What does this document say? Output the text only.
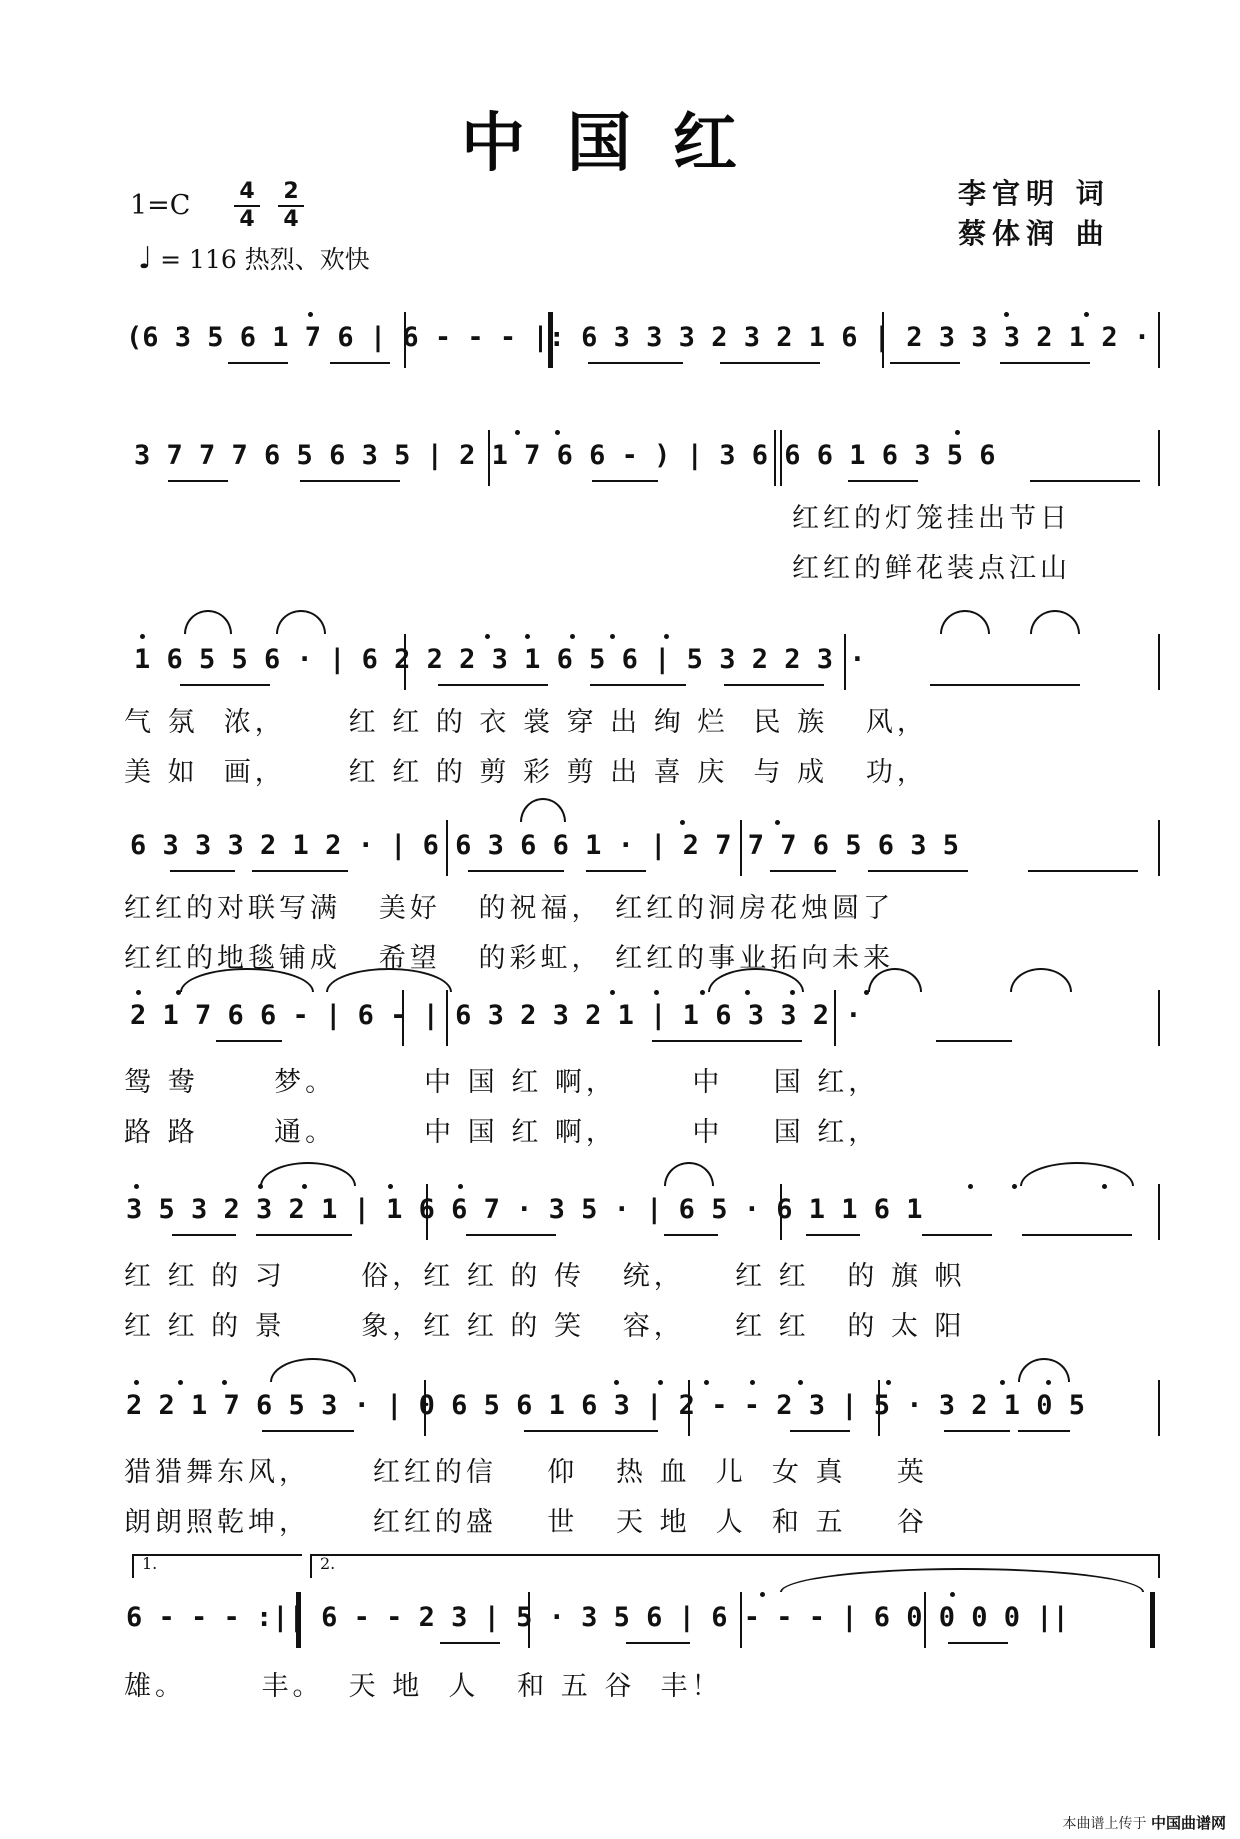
中国红
1=C	4
4
2
4
♩ = 116 热烈、欢快
李官明 词
蔡体润 曲

(6 3 5 6 1 7 6 | 6 - - - |: 6 3 3 3 2 3 2 1 6 | 2 3 3 3 2 1 2 ·

3 7 7 7 6 5 6 3 5 | 2 1 7 6 6 - ) | 3 6 6 6 1 6 3 5 6

红红的灯笼挂出节日
红红的鲜花装点江山

1 6 5 5 6 · | 6 2 2 2 3 1 6 5 6 | 5 3 2 2 3 ·

气 氛  浓，     红 红 的 衣 裳 穿 出 绚 烂  民 族   风，
美 如  画，     红 红 的 剪 彩 剪 出 喜 庆  与 成   功，

6 3 3 3 2 1 2 · | 6 6 3 6 6 1 · | 2 7 7 7 6 5 6 3 5

红红的对联写满   美好   的祝福， 红红的洞房花烛圆了
红红的地毯铺成   希望   的彩虹， 红红的事业拓向未来

2 1 7 6 6 - | 6 - | 6 3 2 3 2 1 | 1 6 3 3 2 ·

鸳 鸯      梦。       中 国 红 啊，      中    国 红，
路 路      通。       中 国 红 啊，      中    国 红，

3 5 3 2 3 2 1 | 1 6 6 7 · 3 5 · | 6 5 · 6 1 1 6 1

红 红 的 习      俗，红 红 的 传   统，    红 红   的 旗 帜
红 红 的 景      象，红 红 的 笑   容，    红 红   的 太 阳

2 2 1 7 6 5 3 · | 0 6 5 6 1 6 3 | 2 - - 2 3 | 5 · 3 2 1 0 5

猎猎舞东风，     红红的信    仰   热 血  儿  女 真    英
朗朗照乾坤，     红红的盛    世   天 地  人  和 五    谷
1.	2.

6 - - - :|| 6 - - 2 3 | 5 · 3 5 6 | 6 - - - | 6 0 0 0 0 ||

雄。      丰。  天 地  人   和 五 谷  丰！
本曲谱上传于 中国曲谱网
